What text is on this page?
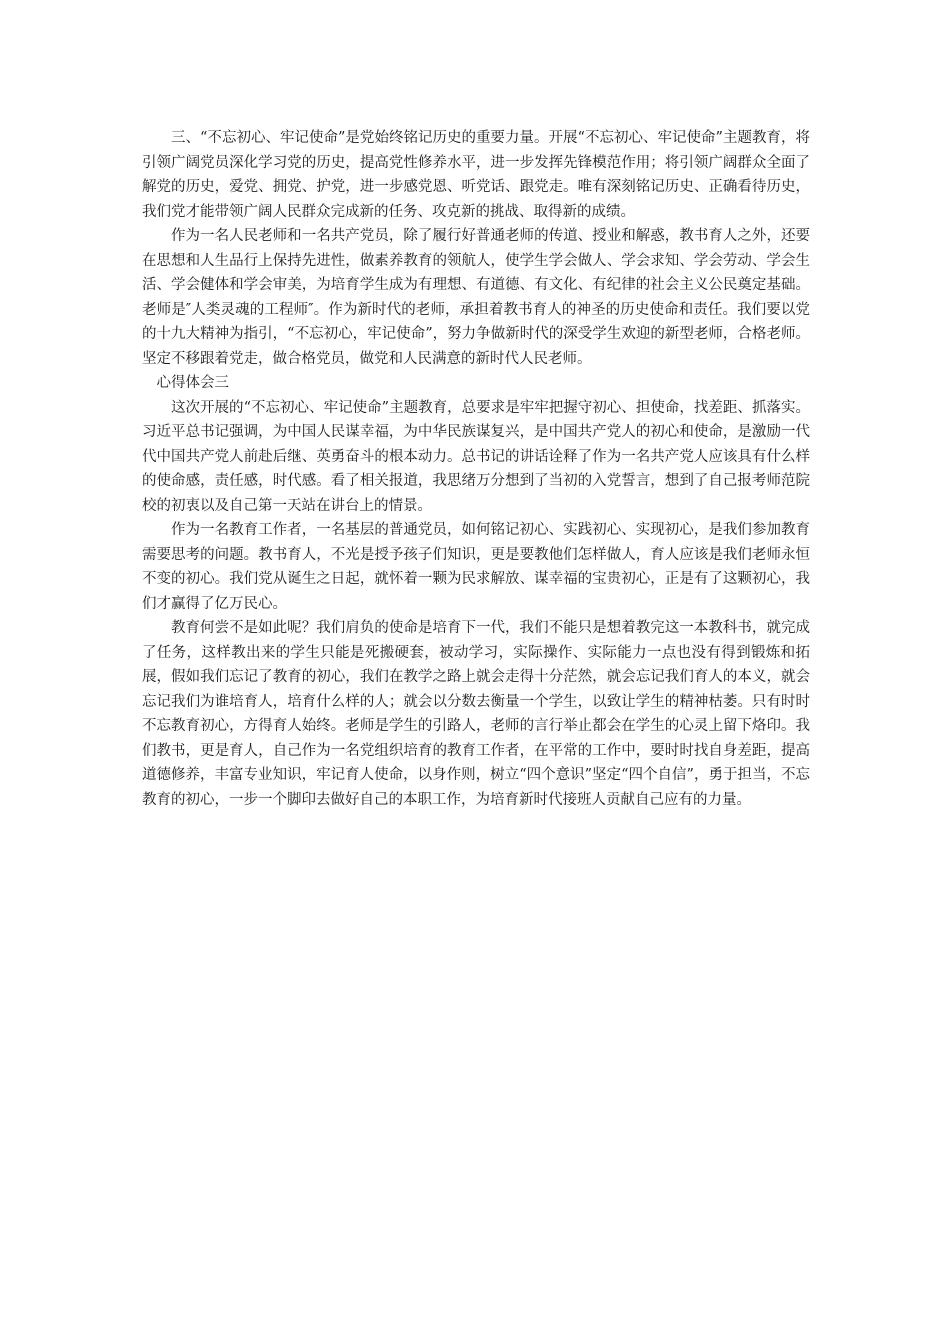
三、“不忘初心、牢记使命”是党始终铭记历史的重要力量。开展“不忘初心、牢记使命”主题教育，将引领广阔党员深化学习党的历史，提高党性修养水平，进一步发挥先锋模范作用；将引领广阔群众全面了解党的历史，爱党、拥党、护党，进一步感党恩、听党话、跟党走。唯有深刻铭记历史、正确看待历史，我们党才能带领广阔人民群众完成新的任务、攻克新的挑战、取得新的成绩。

作为一名人民老师和一名共产党员，除了履行好普通老师的传道、授业和解惑，教书育人之外，还要在思想和人生品行上保持先进性，做素养教育的领航人，使学生学会做人、学会求知、学会劳动、学会生活、学会健体和学会审美，为培育学生成为有理想、有道德、有文化、有纪律的社会主义公民奠定基础。 老师是″人类灵魂的工程师″。作为新时代的老师，承担着教书育人的神圣的历史使命和责任。我们要以党的十九大精神为指引，“不忘初心，牢记使命”，努力争做新时代的深受学生欢迎的新型老师，合格老师。坚定不移跟着党走，做合格党员，做党和人民满意的新时代人民老师。

心得体会三

这次开展的“不忘初心、牢记使命”主题教育，总要求是牢牢把握守初心、担使命，找差距、抓落实。习近平总书记强调，为中国人民谋幸福，为中华民族谋复兴，是中国共产党人的初心和使命，是激励一代代中国共产党人前赴后继、英勇奋斗的根本动力。总书记的讲话诠释了作为一名共产党人应该具有什么样的使命感，责任感，时代感。看了相关报道，我思绪万分想到了当初的入党誓言，想到了自己报考师范院校的初衷以及自己第一天站在讲台上的情景。

作为一名教育工作者，一名基层的普通党员，如何铭记初心、实践初心、实现初心，是我们参加教育需要思考的问题。教书育人，不光是授予孩子们知识，更是要教他们怎样做人，育人应该是我们老师永恒不变的初心。我们党从诞生之日起，就怀着一颗为民求解放、谋幸福的宝贵初心，正是有了这颗初心，我们才赢得了亿万民心。

教育何尝不是如此呢？我们肩负的使命是培育下一代，我们不能只是想着教完这一本教科书，就完成了任务，这样教出来的学生只能是死搬硬套，被动学习，实际操作、实际能力一点也没有得到锻炼和拓展，假如我们忘记了教育的初心，我们在教学之路上就会走得十分茫然，就会忘记我们育人的本义，就会忘记我们为谁培育人，培育什么样的人；就会以分数去衡量一个学生，以致让学生的精神枯萎。只有时时不忘教育初心，方得育人始终。老师是学生的引路人，老师的言行举止都会在学生的心灵上留下烙印。我们教书，更是育人，自己作为一名党组织培育的教育工作者，在平常的工作中，要时时找自身差距，提高道德修养，丰富专业知识，牢记育人使命，以身作则，树立“四个意识”坚定“四个自信”，勇于担当，不忘教育的初心，一步一个脚印去做好自己的本职工作，为培育新时代接班人贡献自己应有的力量。
